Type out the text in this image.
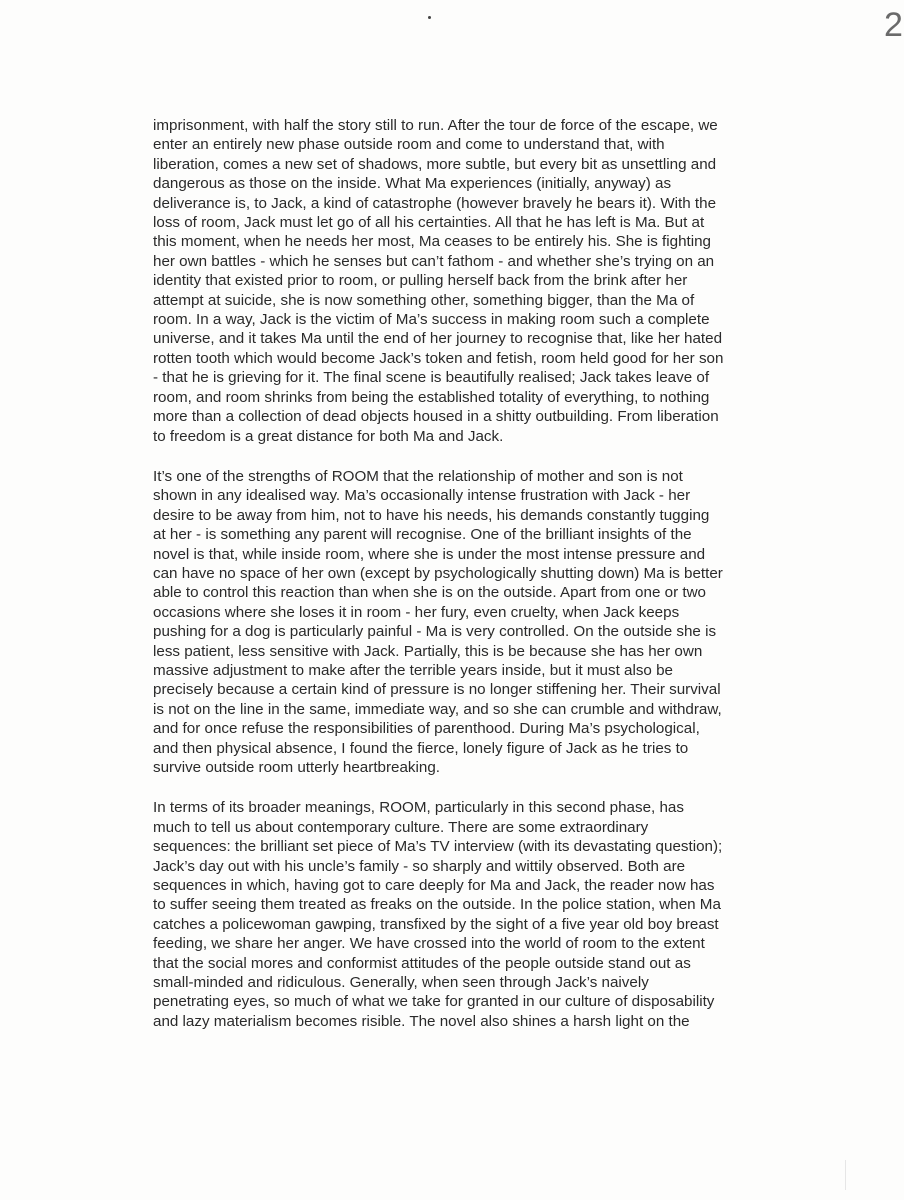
2

imprisonment, with half the story still to run. After the tour de force of the escape, we
enter an entirely new phase outside room and come to understand that, with
liberation, comes a new set of shadows, more subtle, but every bit as unsettling and
dangerous as those on the inside. What Ma experiences (initially, anyway) as
deliverance is, to Jack, a kind of catastrophe (however bravely he bears it). With the
loss of room, Jack must let go of all his certainties. All that he has left is Ma. But at
this moment, when he needs her most, Ma ceases to be entirely his. She is fighting
her own battles - which he senses but can’t fathom - and whether she’s trying on an
identity that existed prior to room, or pulling herself back from the brink after her
attempt at suicide, she is now something other, something bigger, than the Ma of
room. In a way, Jack is the victim of Ma’s success in making room such a complete
universe, and it takes Ma until the end of her journey to recognise that, like her hated
rotten tooth which would become Jack’s token and fetish, room held good for her son
- that he is grieving for it. The final scene is beautifully realised; Jack takes leave of
room, and room shrinks from being the established totality of everything, to nothing
more than a collection of dead objects housed in a shitty outbuilding. From liberation
to freedom is a great distance for both Ma and Jack.

It’s one of the strengths of ROOM that the relationship of mother and son is not
shown in any idealised way. Ma’s occasionally intense frustration with Jack - her
desire to be away from him, not to have his needs, his demands constantly tugging
at her - is something any parent will recognise. One of the brilliant insights of the
novel is that, while inside room, where she is under the most intense pressure and
can have no space of her own (except by psychologically shutting down) Ma is better
able to control this reaction than when she is on the outside. Apart from one or two
occasions where she loses it in room - her fury, even cruelty, when Jack keeps
pushing for a dog is particularly painful - Ma is very controlled. On the outside she is
less patient, less sensitive with Jack. Partially, this is be because she has her own
massive adjustment to make after the terrible years inside, but it must also be
precisely because a certain kind of pressure is no longer stiffening her. Their survival
is not on the line in the same, immediate way, and so she can crumble and withdraw,
and for once refuse the responsibilities of parenthood. During Ma’s psychological,
and then physical absence, I found the fierce, lonely figure of Jack as he tries to
survive outside room utterly heartbreaking.

In terms of its broader meanings, ROOM, particularly in this second phase, has
much to tell us about contemporary culture. There are some extraordinary
sequences: the brilliant set piece of Ma’s TV interview (with its devastating question);
Jack’s day out with his uncle’s family - so sharply and wittily observed. Both are
sequences in which, having got to care deeply for Ma and Jack, the reader now has
to suffer seeing them treated as freaks on the outside. In the police station, when Ma
catches a policewoman gawping, transfixed by the sight of a five year old boy breast
feeding, we share her anger. We have crossed into the world of room to the extent
that the social mores and conformist attitudes of the people outside stand out as
small-minded and ridiculous. Generally, when seen through Jack’s naively
penetrating eyes, so much of what we take for granted in our culture of disposability
and lazy materialism becomes risible. The novel also shines a harsh light on the
